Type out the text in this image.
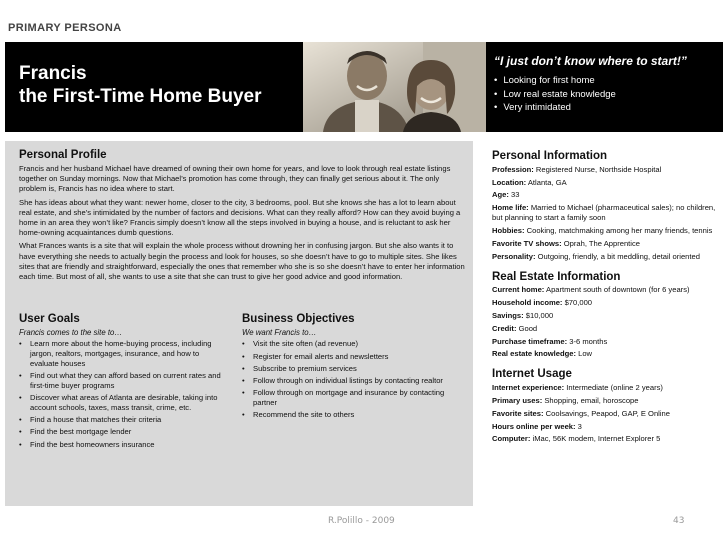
PRIMARY PERSONA
Francis
the First-Time Home Buyer
“I just don’t know where to start!”
• Looking for first home
• Low real estate knowledge
• Very intimidated
Personal Profile

Francis and her husband Michael have dreamed of owning their own home for years, and love to look through real estate listings together on Sunday mornings. Now that Michael’s promotion has come through, they can finally get serious about it. The only problem is, Francis has no idea where to start.

She has ideas about what they want: newer home, closer to the city, 3 bedrooms, pool. But she knows she has a lot to learn about real estate, and she’s intimidated by the number of factors and decisions. What can they really afford? How can they avoid buying a home in an area they won’t like? Francis simply doesn’t know all the steps involved in buying a house, and is reluctant to ask her home-owning acquaintances dumb questions.

What Frances wants is a site that will explain the whole process without drowning her in confusing jargon. But she also wants it to have everything she needs to actually begin the process and look for houses, so she doesn’t have to go to multiple sites. She likes sites that are friendly and straightforward, especially the ones that remember who she is so she doesn’t have to enter her information each time. But most of all, she wants to use a site that she can trust to give her good advice and good information.

User Goals
Francis comes to the site to…
• Learn more about the home-buying process, including jargon, realtors, mortgages, insurance, and how to evaluate houses
• Find out what they can afford based on current rates and first-time buyer programs
• Discover what areas of Atlanta are desirable, taking into account schools, taxes, mass transit, crime, etc.
• Find a house that matches their criteria
• Find the best mortgage lender
• Find the best homeowners insurance
Business Objectives
We want Francis to…
• Visit the site often (ad revenue)
• Register for email alerts and newsletters
• Subscribe to premium services
• Follow through on individual listings by contacting realtor
• Follow through on mortgage and insurance by contacting partner
• Recommend the site to others
Personal Information
Profession: Registered Nurse, Northside Hospital
Location: Atlanta, GA
Age: 33
Home life: Married to Michael (pharmaceutical sales); no children, but planning to start a family soon
Hobbies: Cooking, matchmaking among her many friends, tennis
Favorite TV shows: Oprah, The Apprentice
Personality: Outgoing, friendly, a bit meddling, detail oriented
Real Estate Information
Current home: Apartment south of downtown (for 6 years)
Household income: $70,000
Savings: $10,000
Credit: Good
Purchase timeframe: 3-6 months
Real estate knowledge: Low
Internet Usage
Internet experience: Intermediate (online 2 years)
Primary uses: Shopping, email, horoscope
Favorite sites: Coolsavings, Peapod, GAP, E Online
Hours online per week: 3
Computer: iMac, 56K modem, Internet Explorer 5
R.Polillo - 2009	43
